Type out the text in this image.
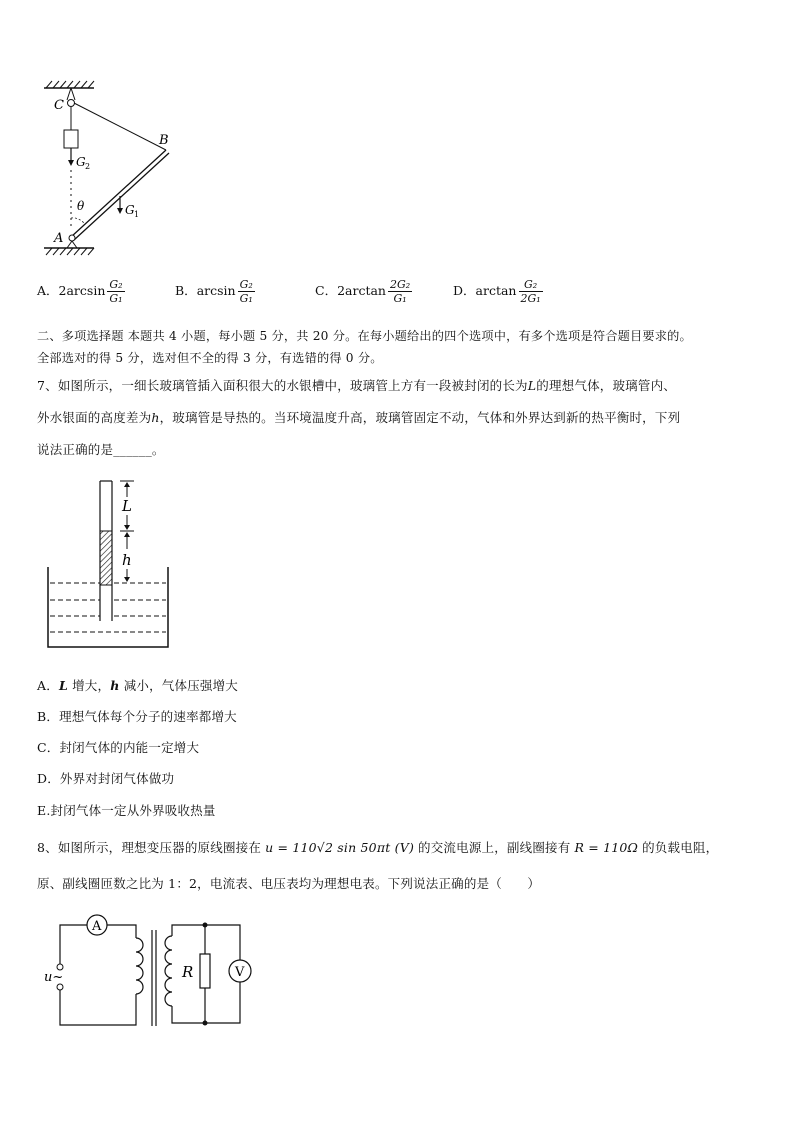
C
G 2
B
G 1
θ
A
A．$2\arcsin \frac{\text{G₂}}{\text{G₁}}$	B．$\arcsin \frac{\text{G₂}}{\text{G₁}}$	C．$2\arctan \frac{\text{2G₂}}{\text{G₁}}$	D．$\arctan \frac{\text{G₂}}{\text{2G₁}}$
二、多项选择题 本题共 4 小题，每小题 5 分，共 20 分。在每小题给出的四个选项中，有多个选项是符合题目要求的。
全部选对的得 5 分，选对但不全的得 3 分，有选错的得 0 分。
7、如图所示，一细长玻璃管插入面积很大的水银槽中，玻璃管上方有一段被封闭的长为L的理想气体，玻璃管内、
外水银面的高度差为h，玻璃管是导热的。当环境温度升高，玻璃管固定不动，气体和外界达到新的热平衡时，下列
说法正确的是______。
L
h
A．L 增大，h 减小，气体压强增大
B．理想气体每个分子的速率都增大
C．封闭气体的内能一定增大
D．外界对封闭气体做功
E.封闭气体一定从外界吸收热量
8、如图所示，理想变压器的原线圈接在 u = 110√2 sin 50πt (V) 的交流电源上，副线圈接有 R = 110Ω 的负载电阻，
原、副线圈匝数之比为 1：2，电流表、电压表均为理想电表。下列说法正确的是（　　）
A
u~	R	V
